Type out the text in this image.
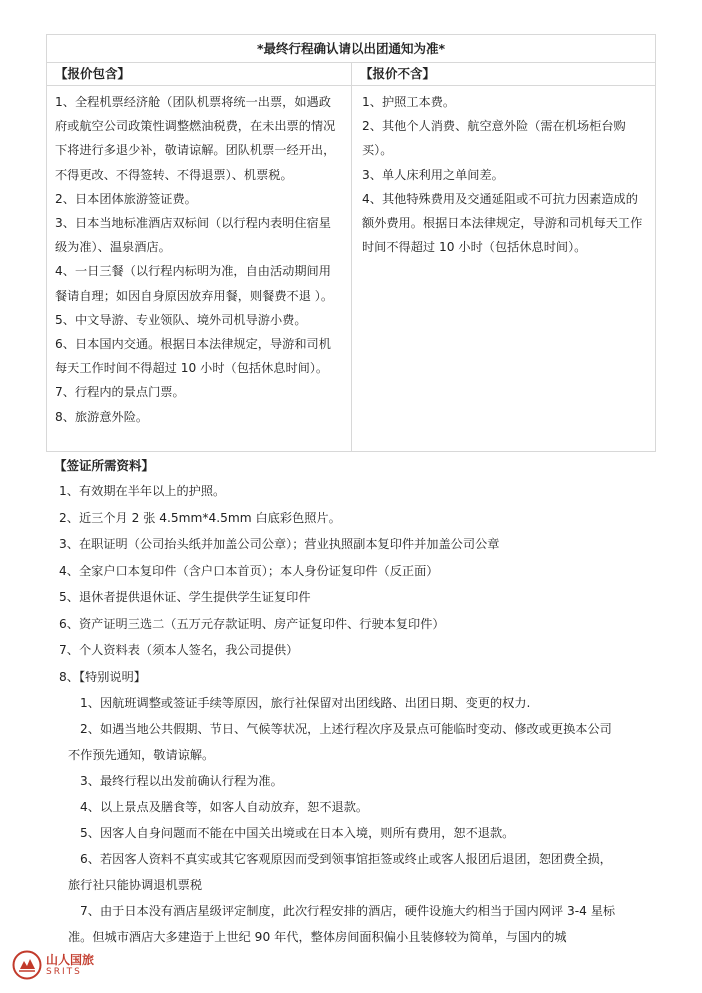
*最终行程确认请以出团通知为准*
【报价包含】
1、全程机票经济舱（团队机票将统一出票，如遇政府或航空公司政策性调整燃油税费，在未出票的情况下将进行多退少补，敬请谅解。团队机票一经开出，不得更改、不得签转、不得退票）、机票税。
2、日本团体旅游签证费。
3、日本当地标准酒店双标间（以行程内表明住宿星级为准）、温泉酒店。
4、一日三餐（以行程内标明为准，自由活动期间用餐请自理；如因自身原因放弃用餐，则餐费不退 ）。
5、中文导游、专业领队、境外司机导游小费。
6、日本国内交通。根据日本法律规定，导游和司机每天工作时间不得超过 10 小时（包括休息时间）。
7、行程内的景点门票。
8、旅游意外险。
【报价不含】
1、护照工本费。
2、其他个人消费、航空意外险（需在机场柜台购买）。
3、单人床利用之单间差。
4、其他特殊费用及交通延阻或不可抗力因素造成的额外费用。根据日本法律规定，导游和司机每天工作时间不得超过 10 小时（包括休息时间）。
【签证所需资料】
1、有效期在半年以上的护照。
2、近三个月 2 张 4.5mm*4.5mm 白底彩色照片。
3、在职证明（公司抬头纸并加盖公司公章）；营业执照副本复印件并加盖公司公章
4、全家户口本复印件（含户口本首页）；本人身份证复印件（反正面）
5、退休者提供退休证、学生提供学生证复印件
6、资产证明三选二（五万元存款证明、房产证复印件、行驶本复印件）
7、个人资料表（须本人签名，我公司提供）
8、【特别说明】
1、因航班调整或签证手续等原因，旅行社保留对出团线路、出团日期、变更的权力.
2、如遇当地公共假期、节日、气候等状况，上述行程次序及景点可能临时变动、修改或更换本公司不作预先通知，敬请谅解。
3、最终行程以出发前确认行程为准。
4、以上景点及膳食等，如客人自动放弃，恕不退款。
5、因客人自身问题而不能在中国关出境或在日本入境，则所有费用，恕不退款。
6、若因客人资料不真实或其它客观原因而受到领事馆拒签或终止或客人报团后退团，恕团费全损，旅行社只能协调退机票税
7、由于日本没有酒店星级评定制度，此次行程安排的酒店，硬件设施大约相当于国内网评 3-4 星标准。但城市酒店大多建造于上世纪 90 年代，整体房间面积偏小且装修较为简单，与国内的城
山人国旅
SRITS
